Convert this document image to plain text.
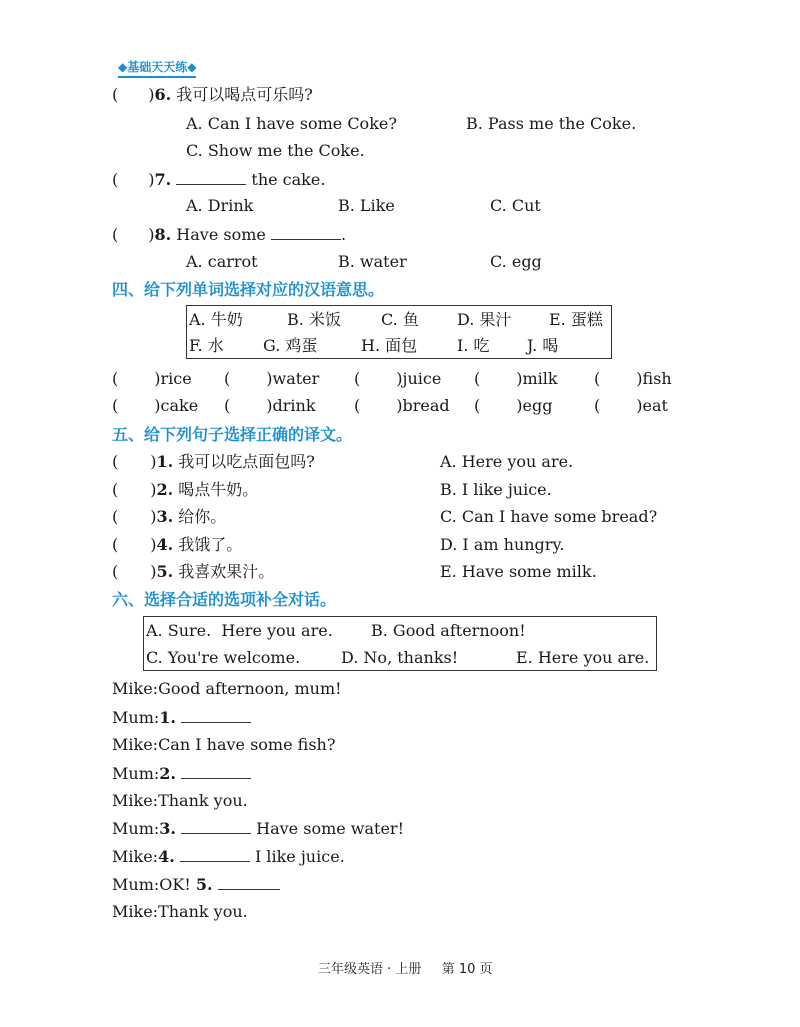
◆基础天天练◆
( )6. 我可以喝点可乐吗?
A. Can I have some Coke?	B. Pass me the Coke.
C. Show me the Coke.
( )7.	the cake.
A. Drink	B. Like	C. Cut
( )8. Have some	.
A. carrot	B. water	C. egg
四、给下列单词选择对应的汉语意思。
A. 牛奶	B. 米饭	C. 鱼 D. 果汁 E. 蛋糕
F. 水 G. 鸡蛋	H. 面包 I. 吃 J. 喝
( )rice ( )water ( )juice ( )milk ( )fish
( )cake ( )drink ( )bread ( )egg	( )eat
五、给下列句子选择正确的译文。
( )1. 我可以吃点面包吗?	A. Here you are.
( )2. 喝点牛奶。	B. I like juice.
( )3. 给你。	C. Can I have some bread?
( )4. 我饿了。	D. I am hungry.
( )5. 我喜欢果汁。	E. Have some milk.
六、选择合适的选项补全对话。
A. Sure.  Here you are. B. Good afternoon!
C. You're welcome.	D. No, thanks!	E. Here you are.
Mike:Good afternoon, mum!
Mum:1.
Mike:Can I have some fish?
Mum:2.
Mike:Thank you.
Mum:3.	Have some water!
Mike:4.	I like juice.
Mum:OK! 5.
Mike:Thank you.
三年级英语 · 上册 第 10 页
